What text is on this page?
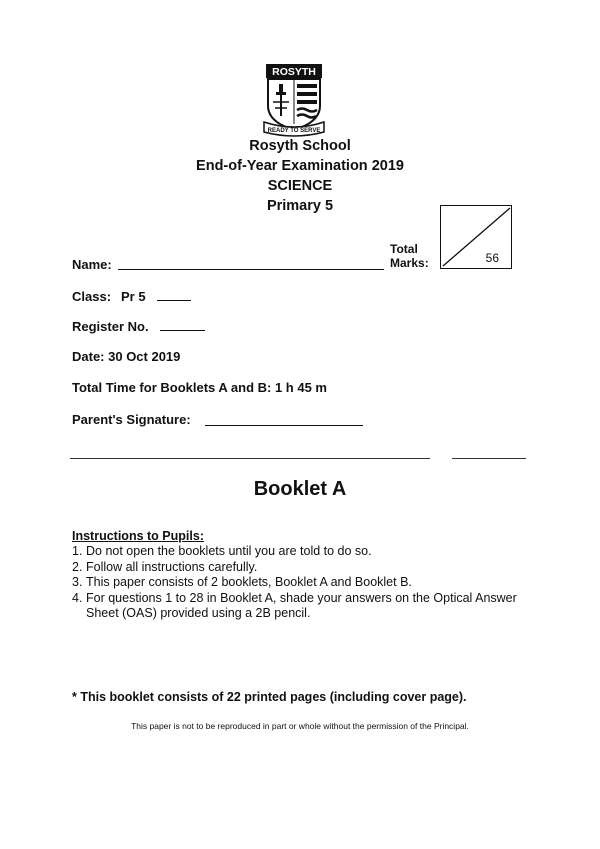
ROSYTH
READY TO SERVE
Rosyth School
End-of-Year Examination 2019
SCIENCE
Primary 5
Total
Marks:	56
Name:
Class: Pr 5
Register No.
Date: 30 Oct 2019
Total Time for Booklets A and B: 1 h 45 m
Parent's Signature:
Booklet A
Instructions to Pupils:
1. Do not open the booklets until you are told to do so.
2. Follow all instructions carefully.
3. This paper consists of 2 booklets, Booklet A and Booklet B.
4. For questions 1 to 28 in Booklet A, shade your answers on the Optical Answer Sheet (OAS) provided using a 2B pencil.
* This booklet consists of 22 printed pages (including cover page).
This paper is not to be reproduced in part or whole without the permission of the Principal.
